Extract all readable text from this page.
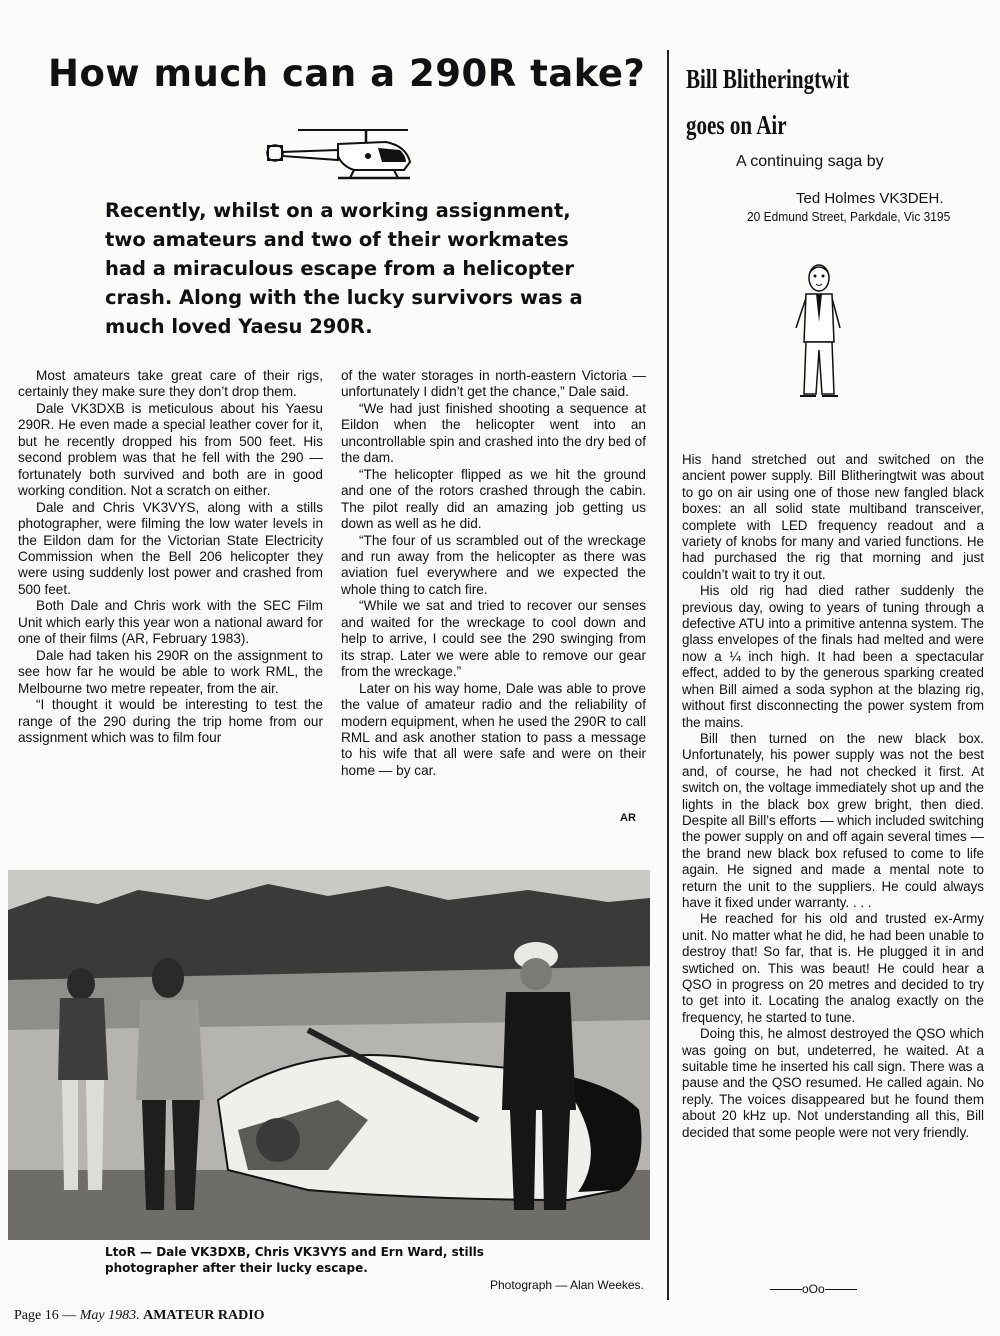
How much can a 290R take?

Recently, whilst on a working assignment, two amateurs and two of their workmates had a miraculous escape from a helicopter crash. Along with the lucky survivors was a much loved Yaesu 290R.

Most amateurs take great care of their rigs, certainly they make sure they don’t drop them.

Dale VK3DXB is meticulous about his Yaesu 290R. He even made a special leather cover for it, but he recently dropped his from 500 feet. His second problem was that he fell with the 290 — fortunately both survived and both are in good working condition. Not a scratch on either.

Dale and Chris VK3VYS, along with a stills photographer, were filming the low water levels in the Eildon dam for the Victorian State Electricity Commission when the Bell 206 helicopter they were using suddenly lost power and crashed from 500 feet.

Both Dale and Chris work with the SEC Film Unit which early this year won a national award for one of their films (AR, February 1983).

Dale had taken his 290R on the assignment to see how far he would be able to work RML, the Melbourne two metre repeater, from the air.

“I thought it would be interesting to test the range of the 290 during the trip home from our assignment which was to film four

of the water storages in north-eastern Victoria — unfortunately I didn’t get the chance,” Dale said.

“We had just finished shooting a sequence at Eildon when the helicopter went into an uncontrollable spin and crashed into the dry bed of the dam.

“The helicopter flipped as we hit the ground and one of the rotors crashed through the cabin. The pilot really did an amazing job getting us down as well as he did.

“The four of us scrambled out of the wreckage and run away from the helicopter as there was aviation fuel everywhere and we expected the whole thing to catch fire.

“While we sat and tried to recover our senses and waited for the wreckage to cool down and help to arrive, I could see the 290 swinging from its strap. Later we were able to remove our gear from the wreckage.”

Later on his way home, Dale was able to prove the value of amateur radio and the reliability of modern equipment, when he used the 290R to call RML and ask another station to pass a message to his wife that all were safe and were on their home — by car.

AR
Bill Blitheringtwit
goes on Air
A continuing saga by
Ted Holmes VK3DEH.
20 Edmund Street, Parkdale, Vic 3195

His hand stretched out and switched on the ancient power supply. Bill Blitheringtwit was about to go on air using one of those new fangled black boxes: an all solid state multiband transceiver, complete with LED frequency readout and a variety of knobs for many and varied functions. He had purchased the rig that morning and just couldn’t wait to try it out.

His old rig had died rather suddenly the previous day, owing to years of tuning through a defective ATU into a primitive antenna system. The glass envelopes of the finals had melted and were now a ¼ inch high. It had been a spectacular effect, added to by the generous sparking created when Bill aimed a soda syphon at the blazing rig, without first disconnecting the power system from the mains.

Bill then turned on the new black box. Unfortunately, his power supply was not the best and, of course, he had not checked it first. At switch on, the voltage immediately shot up and the lights in the black box grew bright, then died. Despite all Bill’s efforts — which included switching the power supply on and off again several times — the brand new black box refused to come to life again. He signed and made a mental note to return the unit to the suppliers. He could always have it fixed under warranty. . . .

He reached for his old and trusted ex-Army unit. No matter what he did, he had been unable to destroy that! So far, that is. He plugged it in and swtiched on. This was beaut! He could hear a QSO in progress on 20 metres and decided to try to get into it. Locating the analog exactly on the frequency, he started to tune.

Doing this, he almost destroyed the QSO which was going on but, undeterred, he waited. At a suitable time he inserted his call sign. There was a pause and the QSO resumed. He called again. No reply. The voices disappeared but he found them about 20 kHz up. Not understanding all this, Bill decided that some people were not very friendly.

oOo

LtoR — Dale VK3DXB, Chris VK3VYS and Ern Ward, stills photographer after their lucky escape.

Photograph — Alan Weekes.
Page 16 — May 1983. AMATEUR RADIO
